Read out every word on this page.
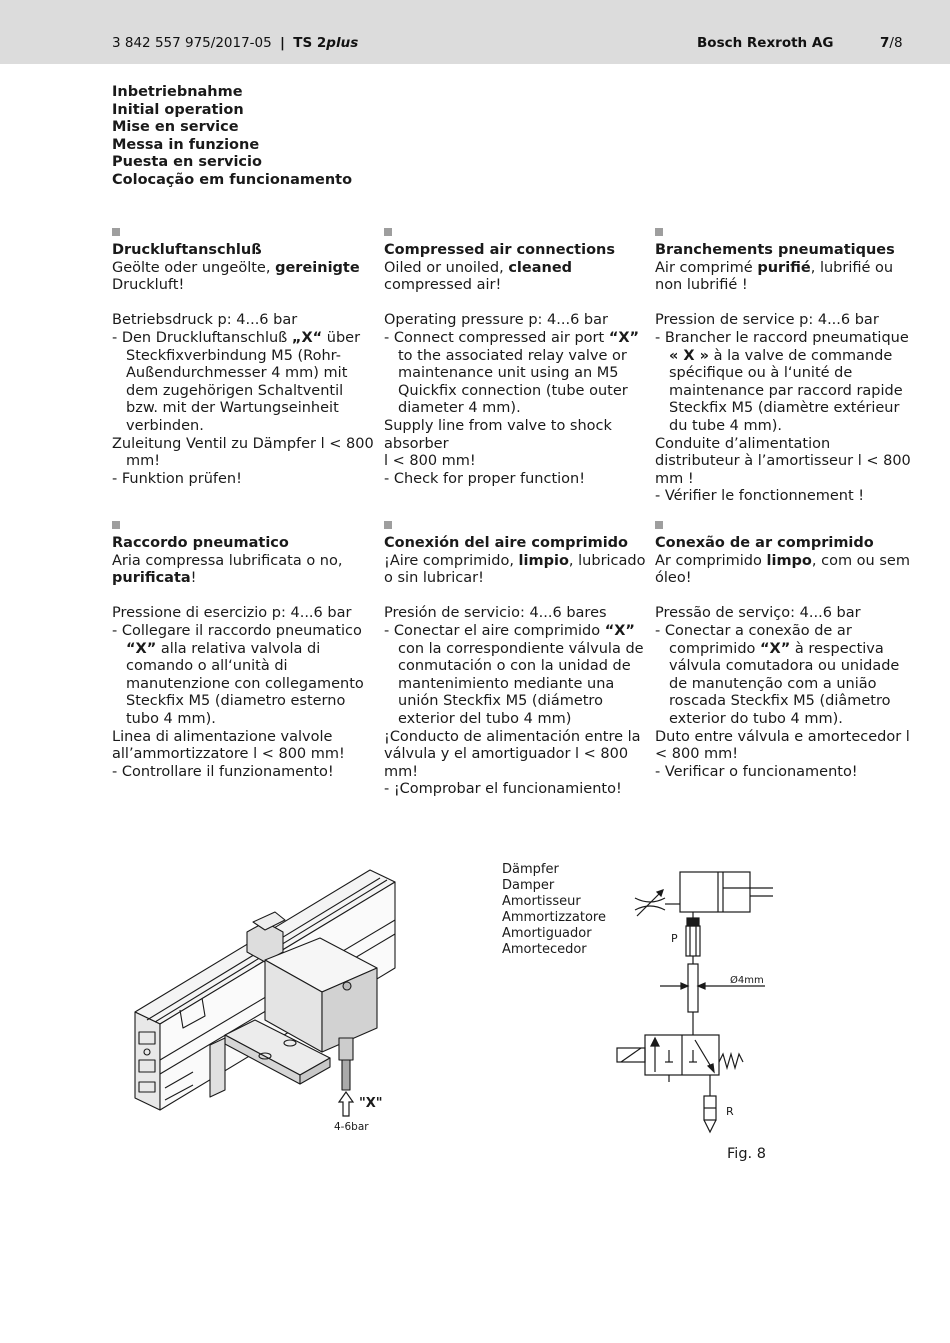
3 842 557 975/2017-05 | TS 2plus	Bosch Rexroth AG	7/8
Inbetriebnahme
Initial operation
Mise en service
Messa in funzione
Puesta en servicio
Colocação em funcionamento
Druckluftanschluß

Geölte oder ungeölte, gereinigte Druckluft!

Betriebsdruck p: 4...6 bar

- Den Druckluftanschluß „X“ über Steckfixverbindung M5 (Rohr-Außendurchmesser 4 mm) mit dem zugehörigen Schaltventil bzw. mit der Wartungseinheit verbinden.

Zuleitung Ventil zu Dämpfer l < 800 mm!

- Funktion prüfen!

Compressed air connections

Oiled or unoiled, cleaned compressed air!

Operating pressure p: 4...6 bar

- Connect compressed air port “X” to the associated relay valve or maintenance unit using an M5 Quickfix connection (tube outer diameter 4 mm).

Supply line from valve to shock absorber

l < 800 mm!

- Check for proper function!

Branchements pneumatiques

Air comprimé purifié, lubrifié ou non lubrifié !

Pression de service p: 4...6 bar

- Brancher le raccord pneumatique « X » à la valve de commande spécifique ou à l‘unité de maintenance par raccord rapide Steckfix M5 (diamètre extérieur du tube 4 mm).

Conduite d’alimentation distributeur à l’amortisseur l < 800 mm !

- Vérifier le fonctionnement !

Raccordo pneumatico

Aria compressa lubrificata o no, purificata!

Pressione di esercizio p: 4...6 bar

- Collegare il raccordo pneumatico “X” alla relativa valvola di comando o all‘unità di manutenzione con collegamento Steckfix M5 (diametro esterno tubo 4 mm).

Linea di alimentazione valvole all’ammortizzatore l < 800 mm!

- Controllare il funzionamento!

Conexión del aire comprimido

¡Aire comprimido, limpio, lubricado o sin lubricar!

Presión de servicio: 4...6 bares

- Conectar el aire comprimido “X” con la correspondiente válvula de conmutación o con la unidad de mantenimiento mediante una unión Steckfix M5 (diámetro exterior del tubo 4 mm)

¡Conducto de alimentación entre la válvula y el amortiguador l < 800 mm!

- ¡Comprobar el funcionamiento!

Conexão de ar comprimido

Ar comprimido limpo, com ou sem óleo!

Pressão de serviço: 4...6 bar

- Conectar a conexão de ar comprimido “X” à respectiva válvula comutadora ou unidade de manutenção com a união roscada Steckfix M5 (diâmetro exterior do tubo 4 mm).

Duto entre válvula e amortecedor l < 800 mm!

- Verificar o funcionamento!

"X"
4-6bar
Dämpfer
Damper
Amortisseur
Ammortizzatore
Amortiguador
Amortecedor
P
Ø4mm
R
Fig. 8
